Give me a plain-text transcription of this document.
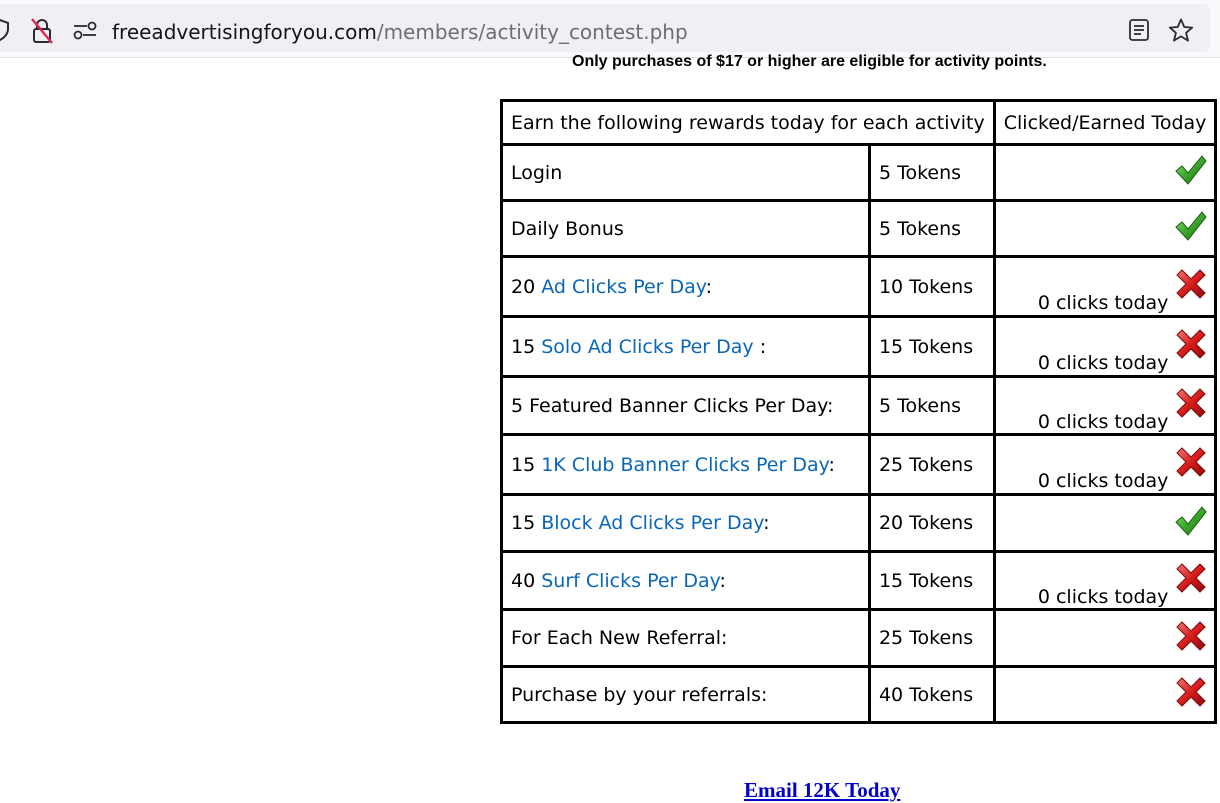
freeadvertisingforyou.com/members/activity_contest.php
Only purchases of $17 or higher are eligible for activity points.
Earn the following rewards today for each activity		Clicked/Earned Today
Login	5 Tokens	
Daily Bonus	5 Tokens	
20 Ad Clicks Per Day:	10 Tokens	0 clicks today
15 Solo Ad Clicks Per Day :	15 Tokens	0 clicks today
5 Featured Banner Clicks Per Day:	5 Tokens	0 clicks today
15 1K Club Banner Clicks Per Day:	25 Tokens	0 clicks today
15 Block Ad Clicks Per Day:	20 Tokens	
40 Surf Clicks Per Day:	15 Tokens	0 clicks today
For Each New Referral:	25 Tokens	
Purchase by your referrals:	40 Tokens	
Email 12K Today
